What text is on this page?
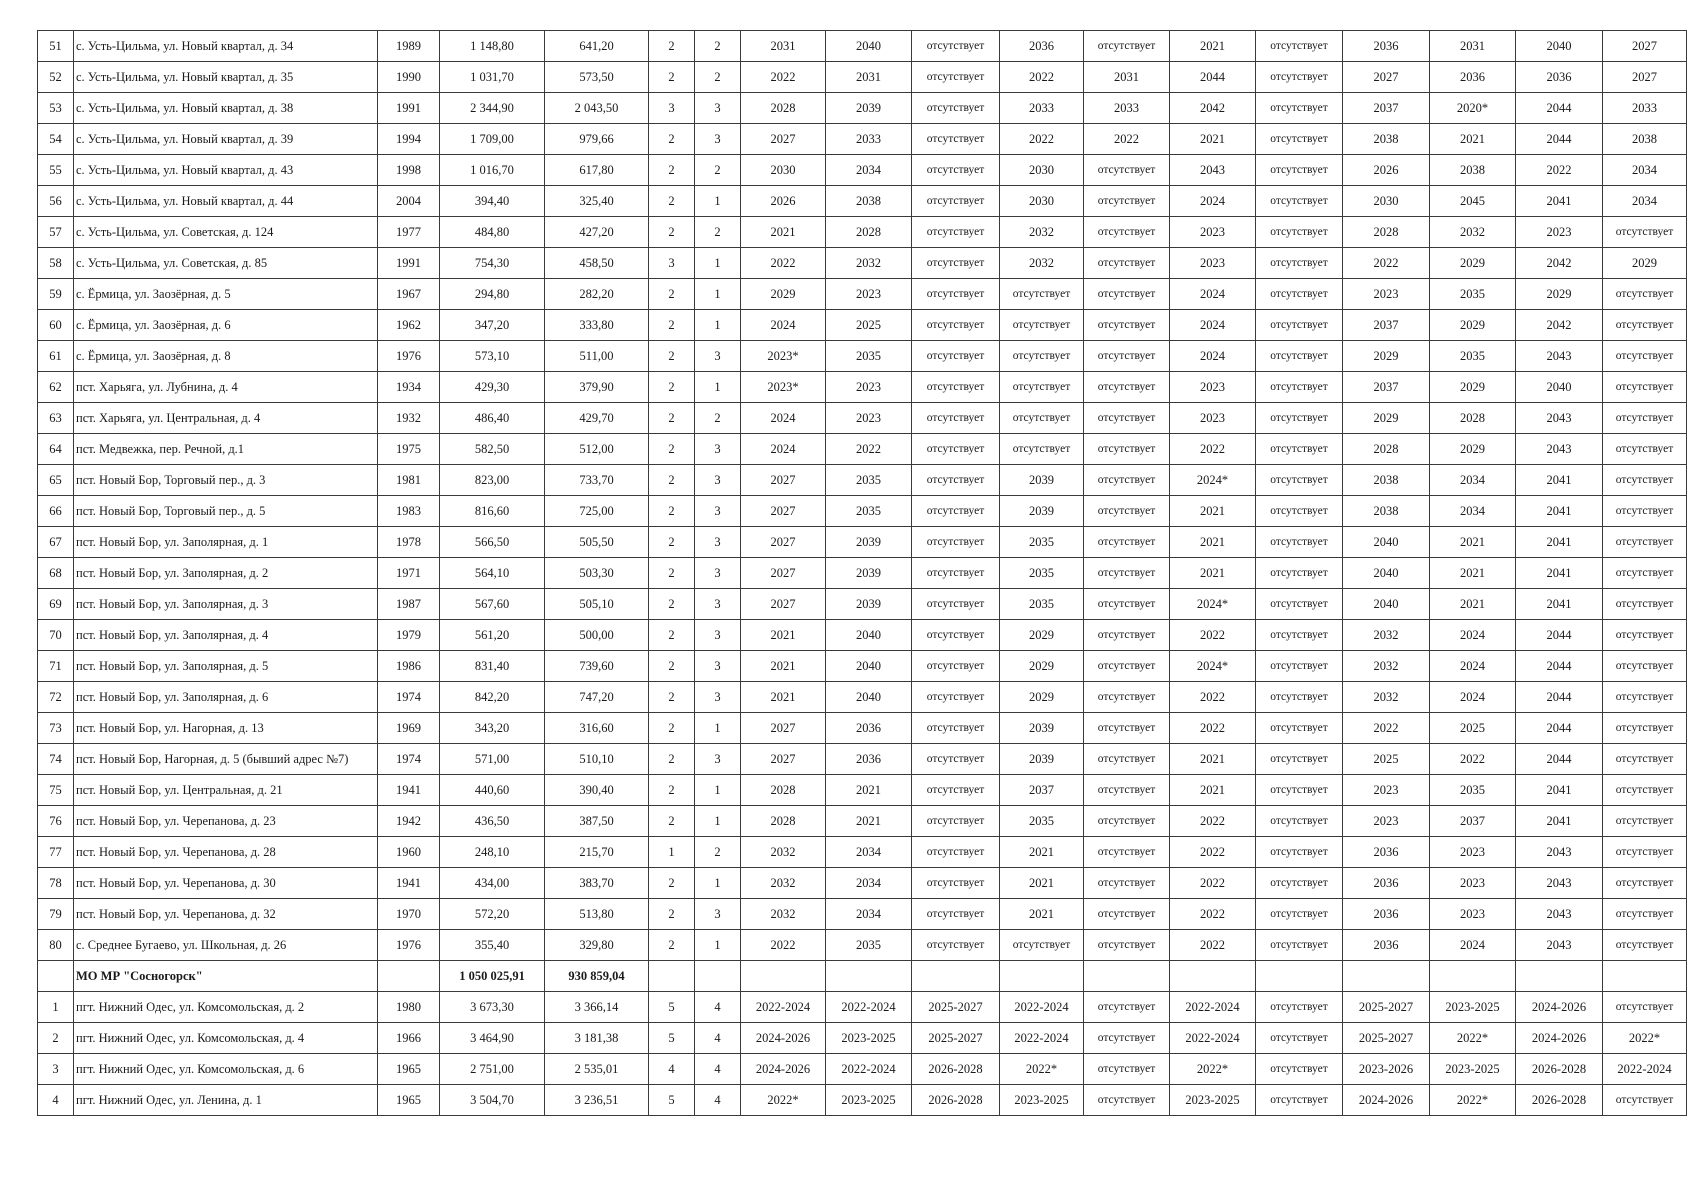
51	с. Усть-Цильма, ул. Новый квартал, д. 34	1989	1 148,80	641,20	2	2	2031	2040	отсутствует	2036	отсутствует	2021	отсутствует	2036	2031	2040	2027
52	с. Усть-Цильма, ул. Новый квартал, д. 35	1990	1 031,70	573,50	2	2	2022	2031	отсутствует	2022	2031	2044	отсутствует	2027	2036	2036	2027
53	с. Усть-Цильма, ул. Новый квартал, д. 38	1991	2 344,90	2 043,50	3	3	2028	2039	отсутствует	2033	2033	2042	отсутствует	2037	2020*	2044	2033
54	с. Усть-Цильма, ул. Новый квартал, д. 39	1994	1 709,00	979,66	2	3	2027	2033	отсутствует	2022	2022	2021	отсутствует	2038	2021	2044	2038
55	с. Усть-Цильма, ул. Новый квартал, д. 43	1998	1 016,70	617,80	2	2	2030	2034	отсутствует	2030	отсутствует	2043	отсутствует	2026	2038	2022	2034
56	с. Усть-Цильма, ул. Новый квартал, д. 44	2004	394,40	325,40	2	1	2026	2038	отсутствует	2030	отсутствует	2024	отсутствует	2030	2045	2041	2034
57	с. Усть-Цильма, ул. Советская, д. 124	1977	484,80	427,20	2	2	2021	2028	отсутствует	2032	отсутствует	2023	отсутствует	2028	2032	2023	отсутствует
58	с. Усть-Цильма, ул. Советская, д. 85	1991	754,30	458,50	3	1	2022	2032	отсутствует	2032	отсутствует	2023	отсутствует	2022	2029	2042	2029
59	с. Ёрмица, ул. Заозёрная, д. 5	1967	294,80	282,20	2	1	2029	2023	отсутствует	отсутствует	отсутствует	2024	отсутствует	2023	2035	2029	отсутствует
60	с. Ёрмица, ул. Заозёрная, д. 6	1962	347,20	333,80	2	1	2024	2025	отсутствует	отсутствует	отсутствует	2024	отсутствует	2037	2029	2042	отсутствует
61	с. Ёрмица, ул. Заозёрная, д. 8	1976	573,10	511,00	2	3	2023*	2035	отсутствует	отсутствует	отсутствует	2024	отсутствует	2029	2035	2043	отсутствует
62	пст. Харьяга, ул. Лубнина, д. 4	1934	429,30	379,90	2	1	2023*	2023	отсутствует	отсутствует	отсутствует	2023	отсутствует	2037	2029	2040	отсутствует
63	пст. Харьяга, ул. Центральная, д. 4	1932	486,40	429,70	2	2	2024	2023	отсутствует	отсутствует	отсутствует	2023	отсутствует	2029	2028	2043	отсутствует
64	пст. Медвежка, пер. Речной, д.1	1975	582,50	512,00	2	3	2024	2022	отсутствует	отсутствует	отсутствует	2022	отсутствует	2028	2029	2043	отсутствует
65	пст. Новый Бор, Торговый пер., д. 3	1981	823,00	733,70	2	3	2027	2035	отсутствует	2039	отсутствует	2024*	отсутствует	2038	2034	2041	отсутствует
66	пст. Новый Бор, Торговый пер., д. 5	1983	816,60	725,00	2	3	2027	2035	отсутствует	2039	отсутствует	2021	отсутствует	2038	2034	2041	отсутствует
67	пст. Новый Бор, ул. Заполярная, д. 1	1978	566,50	505,50	2	3	2027	2039	отсутствует	2035	отсутствует	2021	отсутствует	2040	2021	2041	отсутствует
68	пст. Новый Бор, ул. Заполярная, д. 2	1971	564,10	503,30	2	3	2027	2039	отсутствует	2035	отсутствует	2021	отсутствует	2040	2021	2041	отсутствует
69	пст. Новый Бор, ул. Заполярная, д. 3	1987	567,60	505,10	2	3	2027	2039	отсутствует	2035	отсутствует	2024*	отсутствует	2040	2021	2041	отсутствует
70	пст. Новый Бор, ул. Заполярная, д. 4	1979	561,20	500,00	2	3	2021	2040	отсутствует	2029	отсутствует	2022	отсутствует	2032	2024	2044	отсутствует
71	пст. Новый Бор, ул. Заполярная, д. 5	1986	831,40	739,60	2	3	2021	2040	отсутствует	2029	отсутствует	2024*	отсутствует	2032	2024	2044	отсутствует
72	пст. Новый Бор, ул. Заполярная, д. 6	1974	842,20	747,20	2	3	2021	2040	отсутствует	2029	отсутствует	2022	отсутствует	2032	2024	2044	отсутствует
73	пст. Новый Бор, ул. Нагорная, д. 13	1969	343,20	316,60	2	1	2027	2036	отсутствует	2039	отсутствует	2022	отсутствует	2022	2025	2044	отсутствует
74	пст. Новый Бор, Нагорная, д. 5 (бывший адрес №7)	1974	571,00	510,10	2	3	2027	2036	отсутствует	2039	отсутствует	2021	отсутствует	2025	2022	2044	отсутствует
75	пст. Новый Бор, ул. Центральная, д. 21	1941	440,60	390,40	2	1	2028	2021	отсутствует	2037	отсутствует	2021	отсутствует	2023	2035	2041	отсутствует
76	пст. Новый Бор, ул. Черепанова, д. 23	1942	436,50	387,50	2	1	2028	2021	отсутствует	2035	отсутствует	2022	отсутствует	2023	2037	2041	отсутствует
77	пст. Новый Бор, ул. Черепанова, д. 28	1960	248,10	215,70	1	2	2032	2034	отсутствует	2021	отсутствует	2022	отсутствует	2036	2023	2043	отсутствует
78	пст. Новый Бор, ул. Черепанова, д. 30	1941	434,00	383,70	2	1	2032	2034	отсутствует	2021	отсутствует	2022	отсутствует	2036	2023	2043	отсутствует
79	пст. Новый Бор, ул. Черепанова, д. 32	1970	572,20	513,80	2	3	2032	2034	отсутствует	2021	отсутствует	2022	отсутствует	2036	2023	2043	отсутствует
80	с. Среднее Бугаево, ул. Школьная, д. 26	1976	355,40	329,80	2	1	2022	2035	отсутствует	отсутствует	отсутствует	2022	отсутствует	2036	2024	2043	отсутствует
	МО МР "Сосногорск"		1 050 025,91	930 859,04													
1	пгт. Нижний Одес, ул. Комсомольская, д. 2	1980	3 673,30	3 366,14	5	4	2022-2024	2022-2024	2025-2027	2022-2024	отсутствует	2022-2024	отсутствует	2025-2027	2023-2025	2024-2026	отсутствует
2	пгт. Нижний Одес, ул. Комсомольская, д. 4	1966	3 464,90	3 181,38	5	4	2024-2026	2023-2025	2025-2027	2022-2024	отсутствует	2022-2024	отсутствует	2025-2027	2022*	2024-2026	2022*
3	пгт. Нижний Одес, ул. Комсомольская, д. 6	1965	2 751,00	2 535,01	4	4	2024-2026	2022-2024	2026-2028	2022*	отсутствует	2022*	отсутствует	2023-2026	2023-2025	2026-2028	2022-2024
4	пгт. Нижний Одес, ул. Ленина, д. 1	1965	3 504,70	3 236,51	5	4	2022*	2023-2025	2026-2028	2023-2025	отсутствует	2023-2025	отсутствует	2024-2026	2022*	2026-2028	отсутствует
